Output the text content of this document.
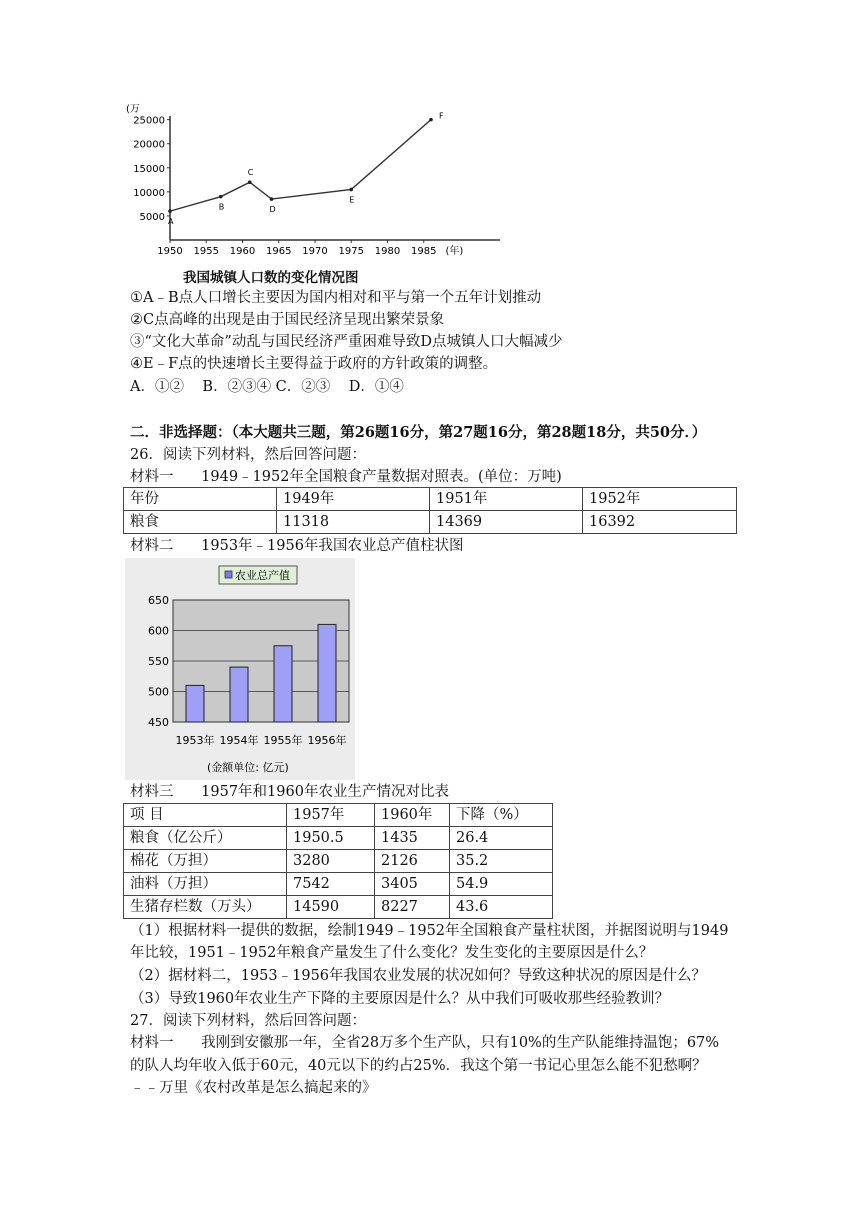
(万
(年)
25000
20000
15000
10000
5000
1950 1955 1960 1965 1970 1975 1980 1985
A
B
C
D
E
F
我国城镇人口数的变化情况图
①A﹣B点人口增长主要因为国内相对和平与第一个五年计划推动
②C点高峰的出现是由于国民经济呈现出繁荣景象
③“文化大革命”动乱与国民经济严重困难导致D点城镇人口大幅减少
④E﹣F点的快速增长主要得益于政府的方针政策的调整。
A．①②    B．②③④ C．②③    D．①④
二．非选择题：（本大题共三题，第26题16分，第27题16分，第28题18分，共50分．）
26．阅读下列材料，然后回答问题：
材料一      1949﹣1952年全国粮食产量数据对照表。(单位：万吨)
年份	1949年	1951年	1952年
粮食	11318	14369	16392
材料二      1953年﹣1956年我国农业总产值柱状图
650
600
550
500
450
1953年 1954年 1955年 1956年
农业总产值
(金额单位: 亿元)
材料三      1957年和1960年农业生产情况对比表
项 目	1957年	1960年	下降（%）
粮食（亿公斤）	1950.5	1435	26.4
棉花（万担）	3280	2126	35.2
油料（万担）	7542	3405	54.9
生猪存栏数（万头）	14590	8227	43.6
（1）根据材料一提供的数据，绘制1949﹣1952年全国粮食产量柱状图，并据图说明与1949
年比较，1951﹣1952年粮食产量发生了什么变化？发生变化的主要原因是什么？
（2）据材料二，1953﹣1956年我国农业发展的状况如何？导致这种状况的原因是什么？
（3）导致1960年农业生产下降的主要原因是什么？从中我们可吸收那些经验教训？
27．阅读下列材料，然后回答问题：
材料一      我刚到安徽那一年，全省28万多个生产队，只有10%的生产队能维持温饱；67%
的队人均年收入低于60元，40元以下的约占25%．我这个第一书记心里怎么能不犯愁啊？
﹣﹣万里《农村改革是怎么搞起来的》
